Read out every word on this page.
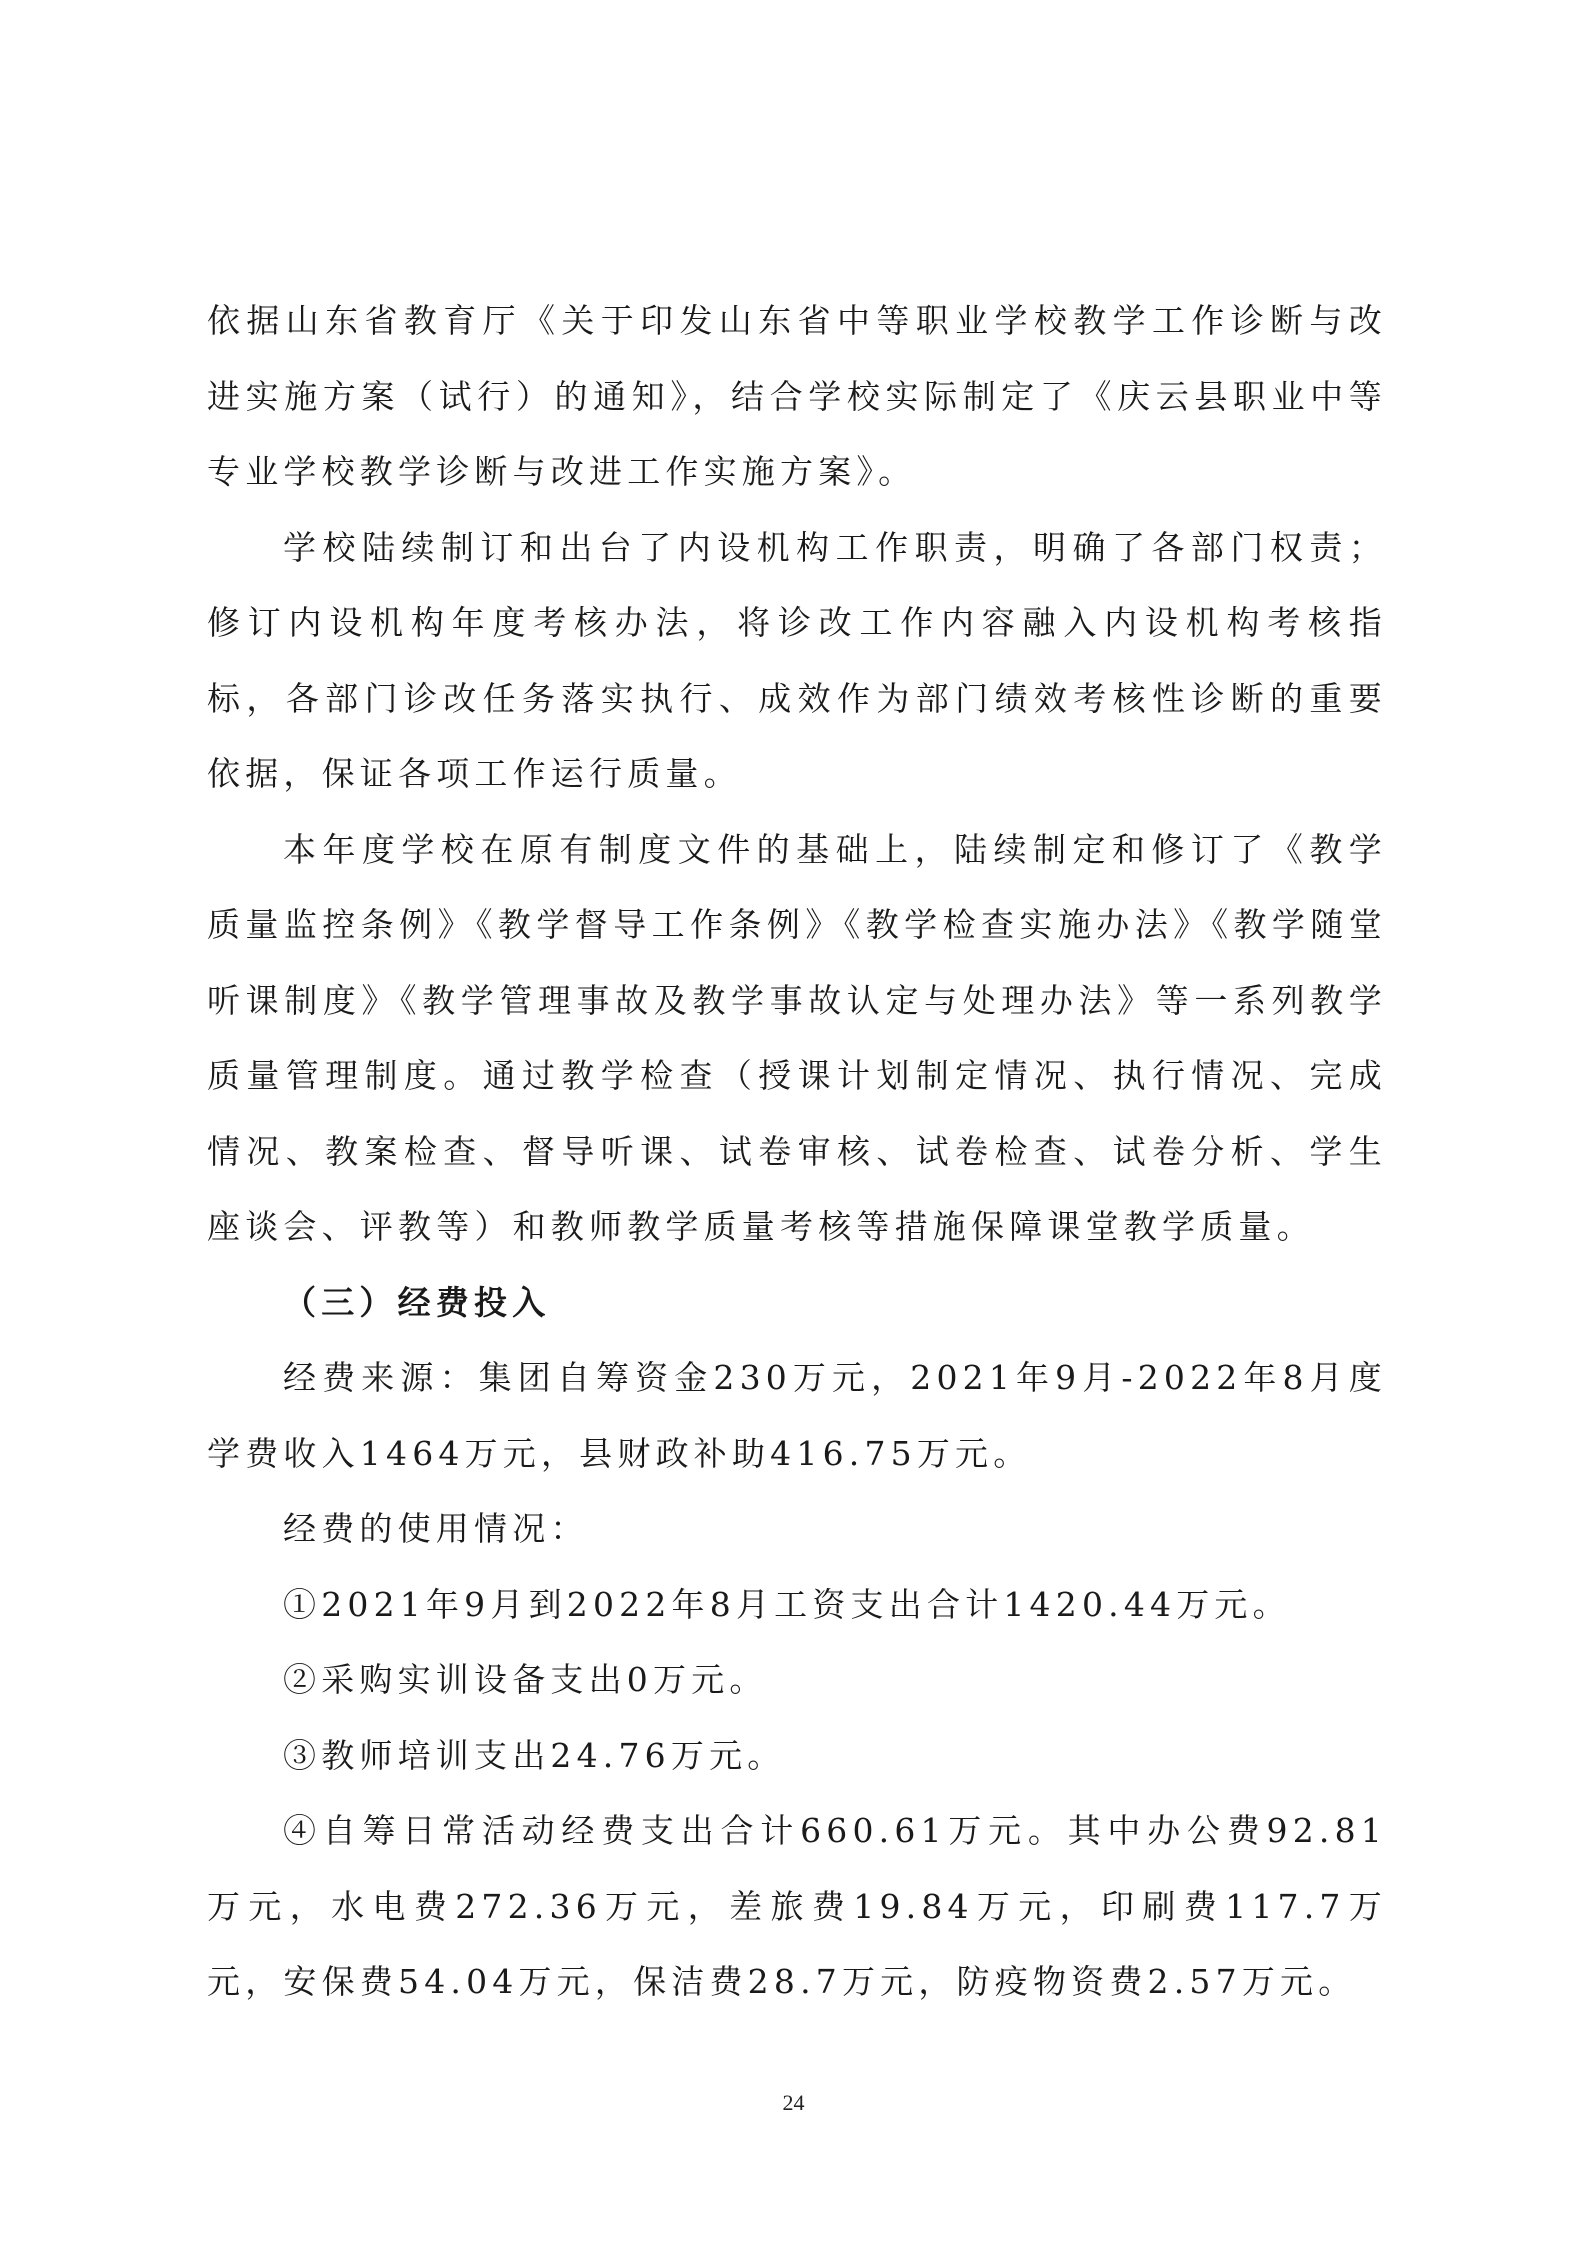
依据山东省教育厅《关于印发山东省中等职业学校教学工作诊断与改进实施方案（试行）的通知》，结合学校实际制定了《庆云县职业中等专业学校教学诊断与改进工作实施方案》。

学校陆续制订和出台了内设机构工作职责，明确了各部门权责；修订内设机构年度考核办法，将诊改工作内容融入内设机构考核指标，各部门诊改任务落实执行、成效作为部门绩效考核性诊断的重要依据，保证各项工作运行质量。

本年度学校在原有制度文件的基础上，陆续制定和修订了《教学质量监控条例》《教学督导工作条例》《教学检查实施办法》《教学随堂听课制度》《教学管理事故及教学事故认定与处理办法》等一系列教学质量管理制度。通过教学检查（授课计划制定情况、执行情况、完成情况、教案检查、督导听课、试卷审核、试卷检查、试卷分析、学生座谈会、评教等）和教师教学质量考核等措施保障课堂教学质量。

（三）经费投入

经费来源：集团自筹资金230万元，2021年9月-2022年8月度学费收入1464万元，县财政补助416.75万元。

经费的使用情况：

①2021年9月到2022年8月工资支出合计1420.44万元。

②采购实训设备支出0万元。

③教师培训支出24.76万元。

④自筹日常活动经费支出合计660.61万元。其中办公费92.81万元，水电费272.36万元，差旅费19.84万元，印刷费117.7万元，安保费54.04万元，保洁费28.7万元，防疫物资费2.57万元。

24
